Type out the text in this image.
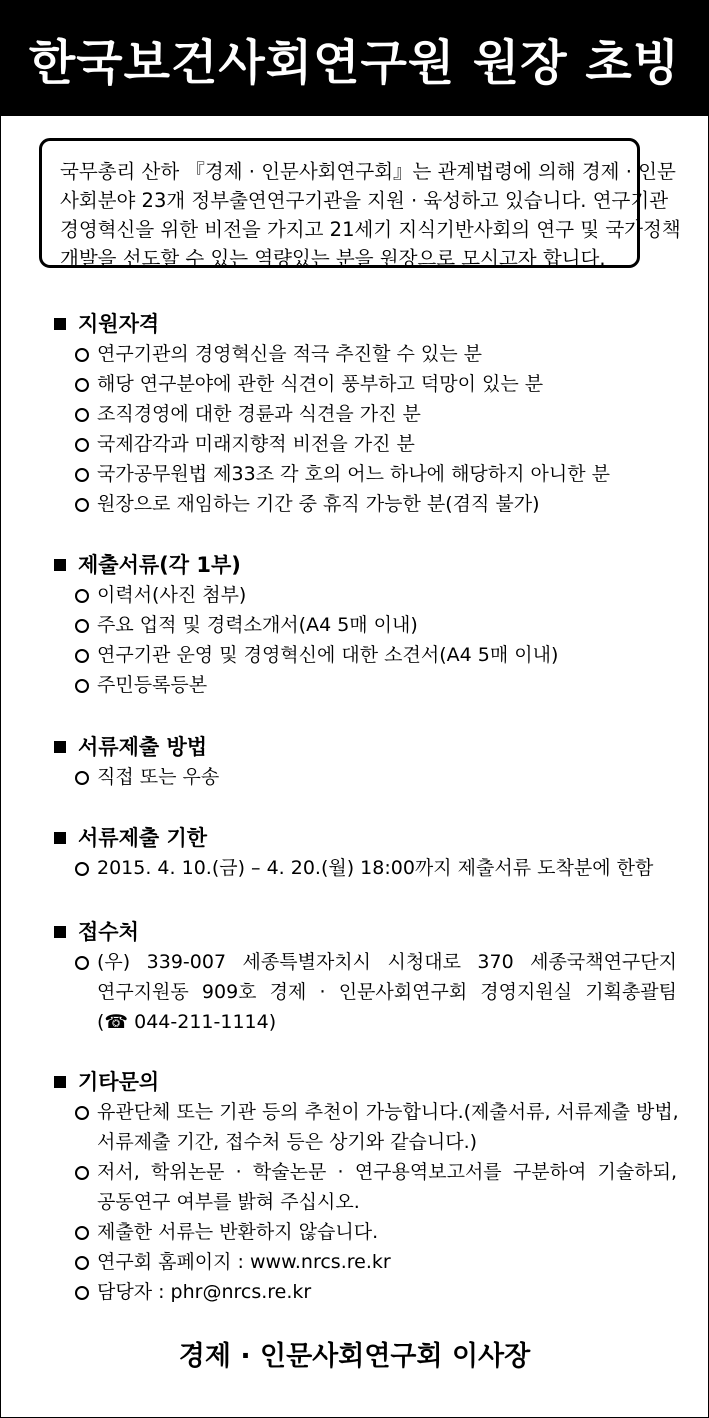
한국보건사회연구원 원장 초빙
국무총리 산하 『경제 · 인문사회연구회』는 관계법령에 의해 경제 · 인문
사회분야 23개 정부출연연구기관을 지원 · 육성하고 있습니다. 연구기관
경영혁신을 위한 비전을 가지고 21세기 지식기반사회의 연구 및 국가정책
개발을 선도할 수 있는 역량있는 분을 원장으로 모시고자 합니다.
지원자격
연구기관의 경영혁신을 적극 추진할 수 있는 분
해당 연구분야에 관한 식견이 풍부하고 덕망이 있는 분
조직경영에 대한 경륜과 식견을 가진 분
국제감각과 미래지향적 비전을 가진 분
국가공무원법 제33조 각 호의 어느 하나에 해당하지 아니한 분
원장으로 재임하는 기간 중 휴직 가능한 분(겸직 불가)
제출서류(각 1부)
이력서(사진 첨부)
주요 업적 및 경력소개서(A4 5매 이내)
연구기관 운영 및 경영혁신에 대한 소견서(A4 5매 이내)
주민등록등본
서류제출 방법
직접 또는 우송
서류제출 기한
2015. 4. 10.(금) – 4. 20.(월) 18:00까지 제출서류 도착분에 한함
접수처
(우) 339-007 세종특별자치시 시청대로 370 세종국책연구단지
연구지원동 909호 경제 · 인문사회연구회 경영지원실 기획총괄팀
(☎ 044-211-1114)
기타문의
유관단체 또는 기관 등의 추천이 가능합니다.(제출서류, 서류제출 방법,
서류제출 기간, 접수처 등은 상기와 같습니다.)
저서, 학위논문 · 학술논문 · 연구용역보고서를 구분하여 기술하되,
공동연구 여부를 밝혀 주십시오.
제출한 서류는 반환하지 않습니다.
연구회 홈페이지 : www.nrcs.re.kr
담당자 : phr@nrcs.re.kr
경제 · 인문사회연구회 이사장
